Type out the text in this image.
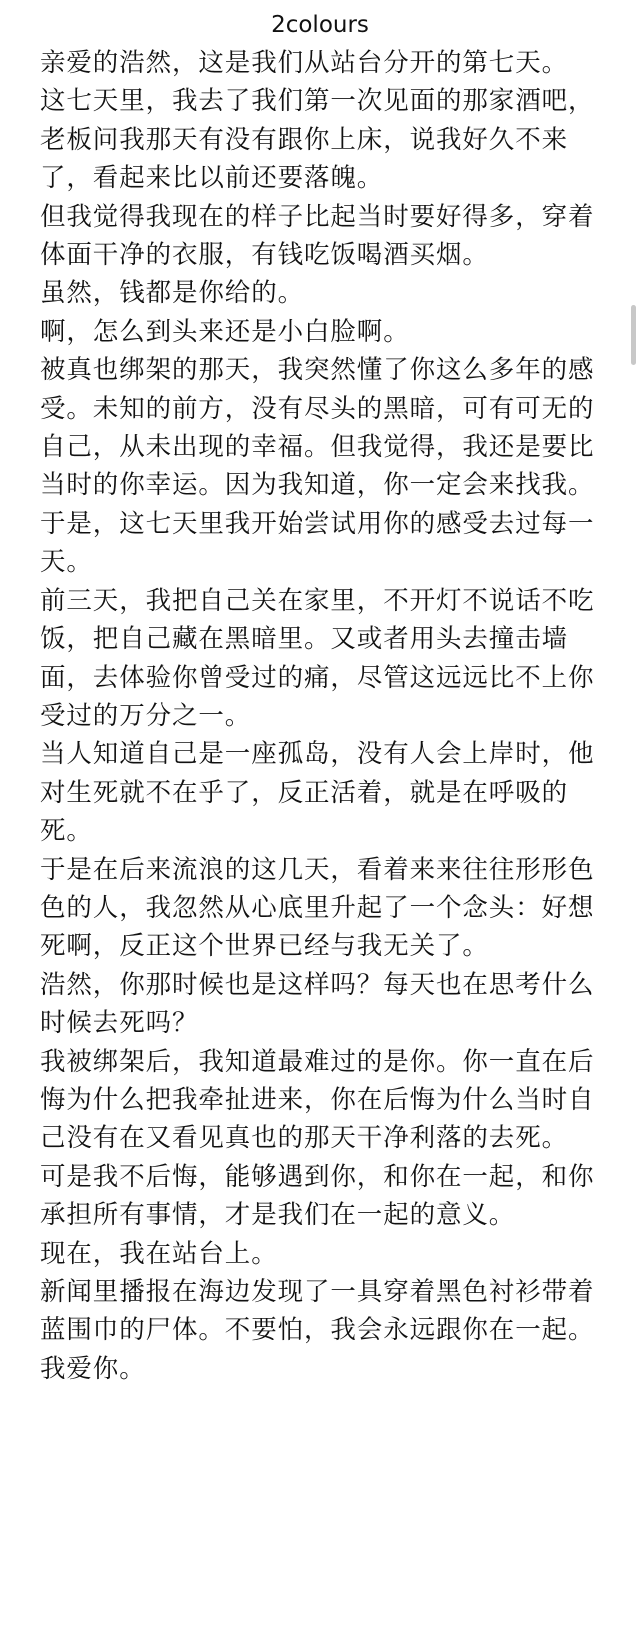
2colours

亲爱的浩然，这是我们从站台分开的第七天。

这七天里，我去了我们第一次见面的那家酒吧，老板问我那天有没有跟你上床，说我好久不来了，看起来比以前还要落魄。

但我觉得我现在的样子比起当时要好得多，穿着体面干净的衣服，有钱吃饭喝酒买烟。

虽然，钱都是你给的。

啊，怎么到头来还是小白脸啊。

被真也绑架的那天，我突然懂了你这么多年的感受。未知的前方，没有尽头的黑暗，可有可无的自己，从未出现的幸福。但我觉得，我还是要比当时的你幸运。因为我知道，你一定会来找我。

于是，这七天里我开始尝试用你的感受去过每一天。

前三天，我把自己关在家里，不开灯不说话不吃饭，把自己藏在黑暗里。又或者用头去撞击墙面，去体验你曾受过的痛，尽管这远远比不上你受过的万分之一。

当人知道自己是一座孤岛，没有人会上岸时，他对生死就不在乎了，反正活着，就是在呼吸的死。

于是在后来流浪的这几天，看着来来往往形形色色的人，我忽然从心底里升起了一个念头：好想死啊，反正这个世界已经与我无关了。

浩然，你那时候也是这样吗？每天也在思考什么时候去死吗？

我被绑架后，我知道最难过的是你。你一直在后悔为什么把我牵扯进来，你在后悔为什么当时自己没有在又看见真也的那天干净利落的去死。

可是我不后悔，能够遇到你，和你在一起，和你承担所有事情，才是我们在一起的意义。

现在，我在站台上。

新闻里播报在海边发现了一具穿着黑色衬衫带着蓝围巾的尸体。不要怕，我会永远跟你在一起。我爱你。
